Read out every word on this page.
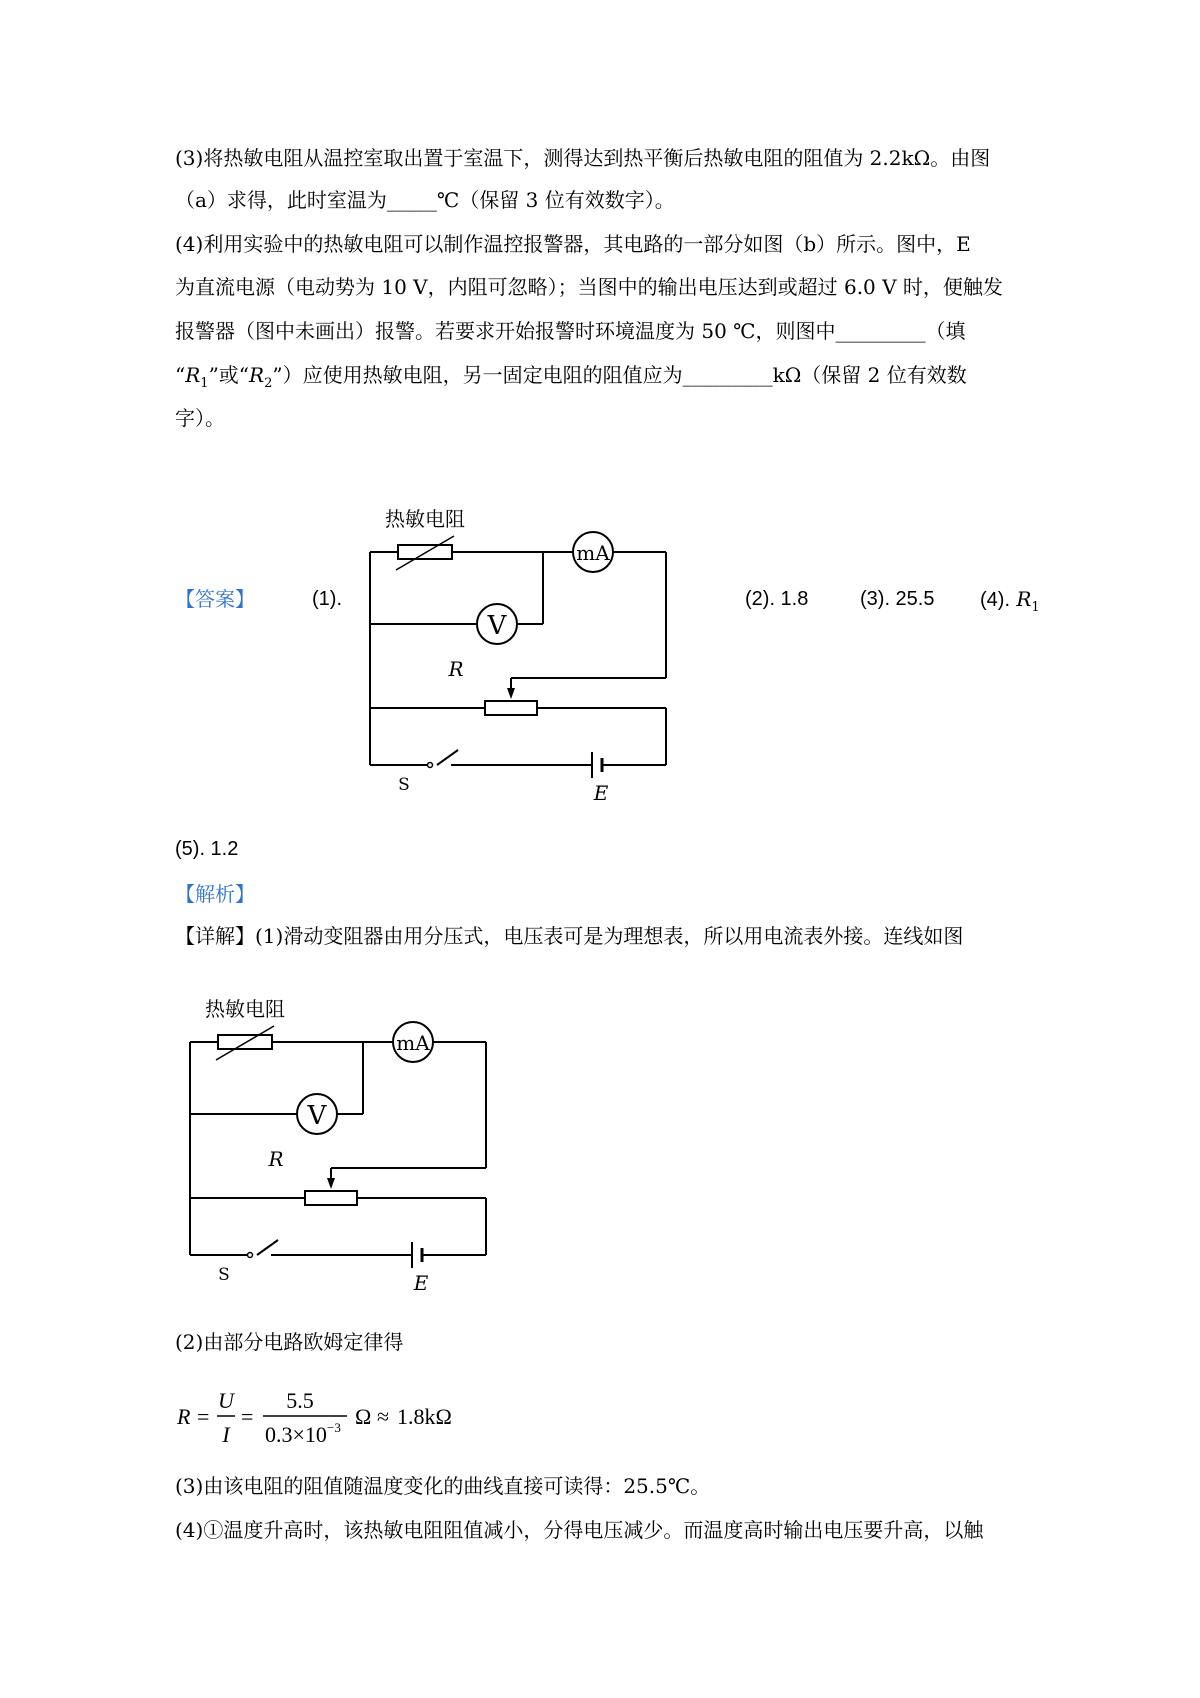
(3)将热敏电阻从温控室取出置于室温下，测得达到热平衡后热敏电阻的阻值为 2.2kΩ。由图
（a）求得，此时室温为_____℃（保留 3 位有效数字）。
(4)利用实验中的热敏电阻可以制作温控报警器，其电路的一部分如图（b）所示。图中，E
为直流电源（电动势为 10 V，内阻可忽略）；当图中的输出电压达到或超过 6.0 V 时，便触发
报警器（图中未画出）报警。若要求开始报警时环境温度为 50 ℃，则图中_________（填
“$R_1$”或“$R_2$”）应使用热敏电阻，另一固定电阻的阻值应为_________kΩ（保留 2 位有效数
字）。
【答案】	(1).	(2). 1.8	(3). 25.5 (4). $R_1$
(5). 1.2
mA
V
热敏电阻
R
S	E
【解析】
【详解】(1)滑动变阻器由用分压式，电压表可是为理想表，所以用电流表外接。连线如图
mA
V
热敏电阻
R
S	E
(2)由部分电路欧姆定律得
R =
U
I
=
5.5
0.3×10 −3 Ω ≈ 1.8kΩ
(3)由该电阻的阻值随温度变化的曲线直接可读得：25.5℃。
(4)①温度升高时，该热敏电阻阻值减小，分得电压减少。而温度高时输出电压要升高，以触
